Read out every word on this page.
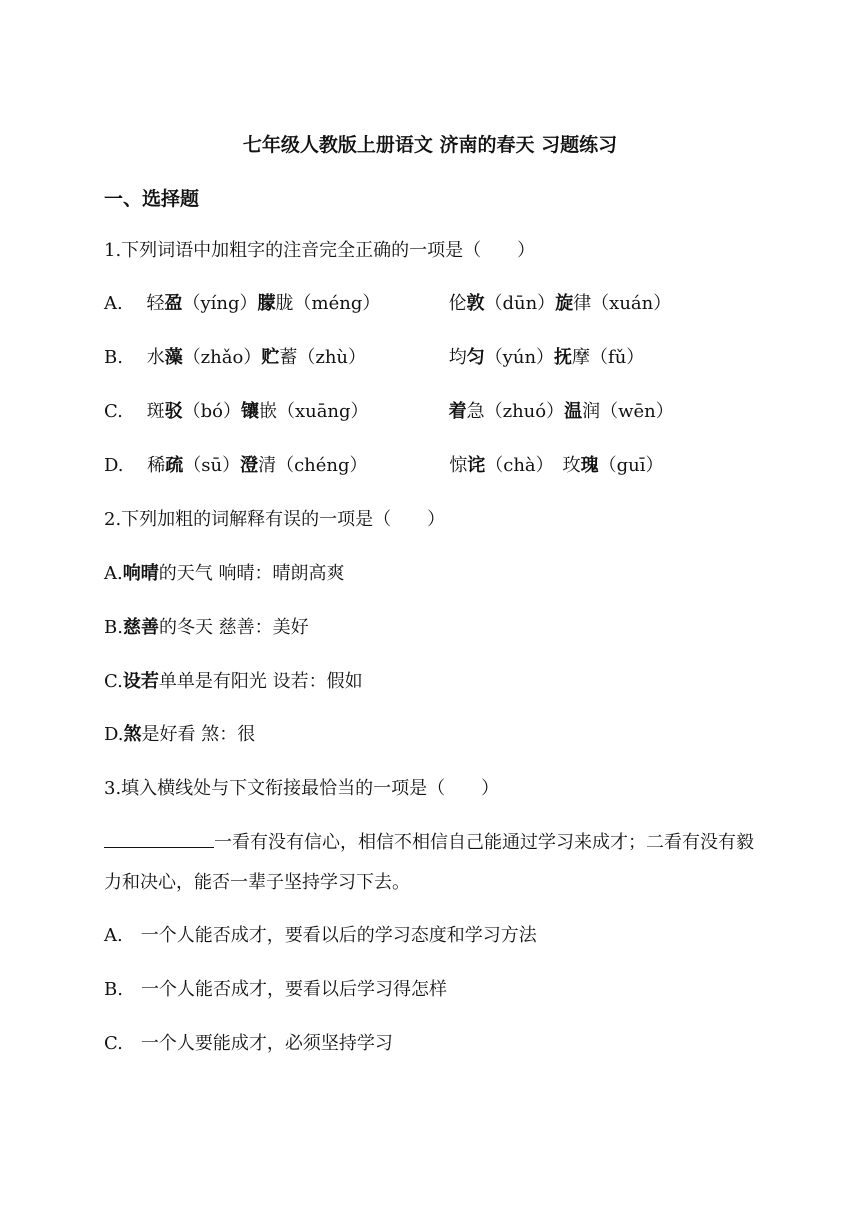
七年级人教版上册语文 济南的春天 习题练习
一、选择题
1.下列词语中加粗字的注音完全正确的一项是（　　）
A.　 轻盈（yíng）朦胧（méng）	伦敦（dūn）旋律（xuán）
B.　 水藻（zhǎo）贮蓄（zhù）	均匀（yún）抚摩（fǔ）
C.　 斑驳（bó）镶嵌（xuāng）	着急（zhuó）温润（wēn）
D.　 稀疏（sū）澄清（chéng）	惊诧（chà）　玫瑰（guī）
2.下列加粗的词解释有误的一项是（　　）
A.响晴的天气 响晴：晴朗高爽
B.慈善的冬天 慈善：美好
C.设若单单是有阳光 设若：假如
D.煞是好看 煞：很
3.填入横线处与下文衔接最恰当的一项是（　　）
一看有没有信心，相信不相信自己能通过学习来成才；二看有没有毅力和决心，能否一辈子坚持学习下去。
A.　一个人能否成才，要看以后的学习态度和学习方法
B.　一个人能否成才，要看以后学习得怎样
C.　一个人要能成才，必须坚持学习
